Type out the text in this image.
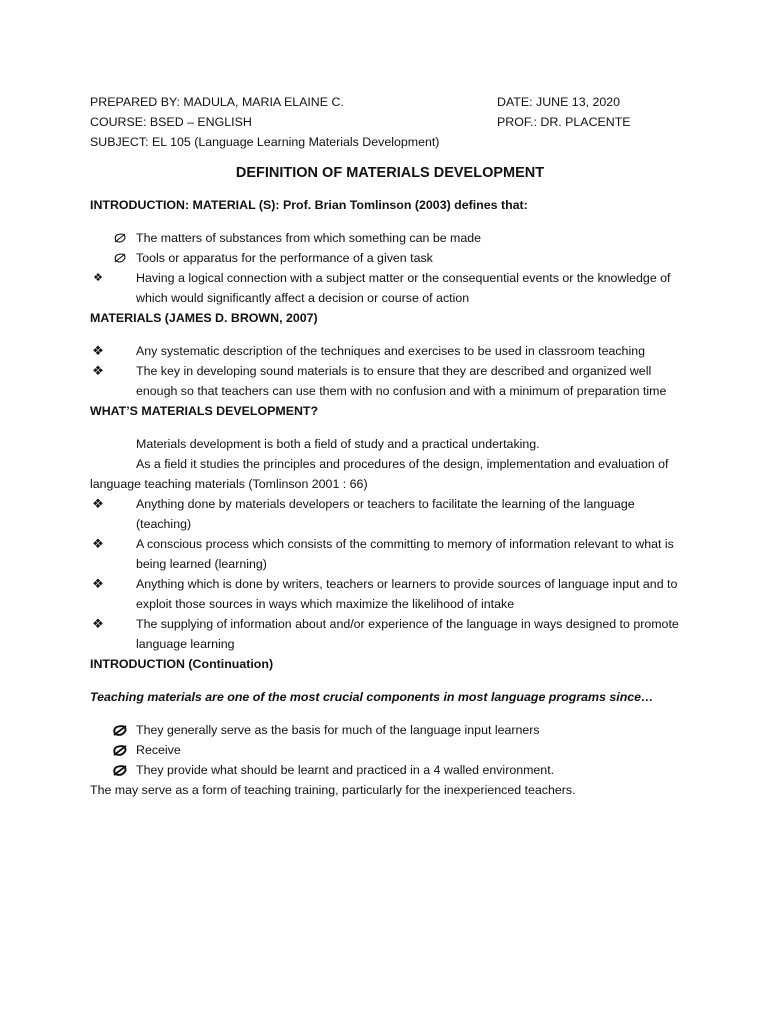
PREPARED BY: MADULA, MARIA ELAINE C.
COURSE: BSED – ENGLISH
SUBJECT: EL 105 (Language Learning Materials Development)
DATE: JUNE 13, 2020
PROF.: DR. PLACENTE
DEFINITION OF MATERIALS DEVELOPMENT
INTRODUCTION: MATERIAL (S): Prof. Brian Tomlinson (2003) defines that:
The matters of substances from which something can be made
Tools or apparatus for the performance of a given task
❖	Having a logical connection with a subject matter or the consequential events or the knowledge of which would significantly affect a decision or course of action
MATERIALS (JAMES D. BROWN, 2007)
❖	Any systematic description of the techniques and exercises to be used in classroom teaching
❖	The key in developing sound materials is to ensure that they are described and organized well enough so that teachers can use them with no confusion and with a minimum of preparation time
WHAT’S MATERIALS DEVELOPMENT?

Materials development is both a field of study and a practical undertaking.

As a field it studies the principles and procedures of the design, implementation and evaluation of language teaching materials (Tomlinson 2001 : 66)

❖	Anything done by materials developers or teachers to facilitate the learning of the language (teaching)
❖	A conscious process which consists of the committing to memory of information relevant to what is being learned (learning)
❖	Anything which is done by writers, teachers or learners to provide sources of language input and to exploit those sources in ways which maximize the likelihood of intake
❖	The supplying of information about and/or experience of the language in ways designed to promote language learning
INTRODUCTION (Continuation)
Teaching materials are one of the most crucial components in most language programs since…
They generally serve as the basis for much of the language input learners
Receive
They provide what should be learnt and practiced in a 4 walled environment.
The may serve as a form of teaching training, particularly for the inexperienced teachers.
